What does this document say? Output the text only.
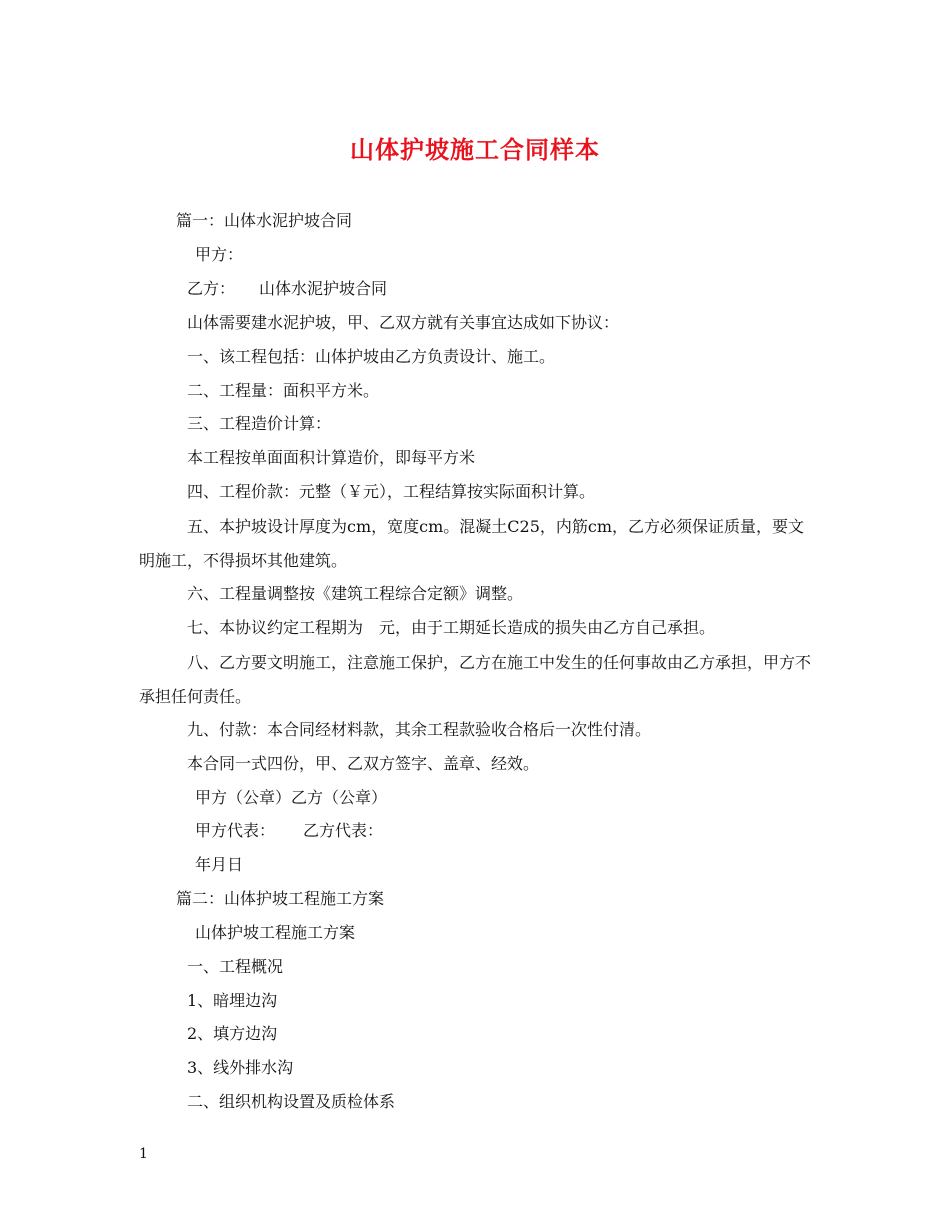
山体护坡施工合同样本
篇一：山体水泥护坡合同
甲方：
乙方： 山体水泥护坡合同
山体需要建水泥护坡，甲、乙双方就有关事宜达成如下协议：
一、该工程包括：山体护坡由乙方负责设计、施工。
二、工程量：面积平方米。
三、工程造价计算：
本工程按单面面积计算造价，即每平方米
四、工程价款：元整（￥元），工程结算按实际面积计算。
五、本护坡设计厚度为cm，宽度cm。混凝土C25，内筋cm，乙方必须保证质量，要文明施工，不得损坏其他建筑。
六、工程量调整按《建筑工程综合定额》调整。
七、本协议约定工程期为　元，由于工期延长造成的损失由乙方自己承担。
八、乙方要文明施工，注意施工保护，乙方在施工中发生的任何事故由乙方承担，甲方不承担任何责任。
九、付款：本合同经材料款，其余工程款验收合格后一次性付清。
本合同一式四份，甲、乙双方签字、盖章、经效。
甲方（公章）乙方（公章）
甲方代表： 乙方代表：
年月日
篇二：山体护坡工程施工方案
山体护坡工程施工方案
一、工程概况
1、暗埋边沟
2、填方边沟
3、线外排水沟
二、组织机构设置及质检体系
1
